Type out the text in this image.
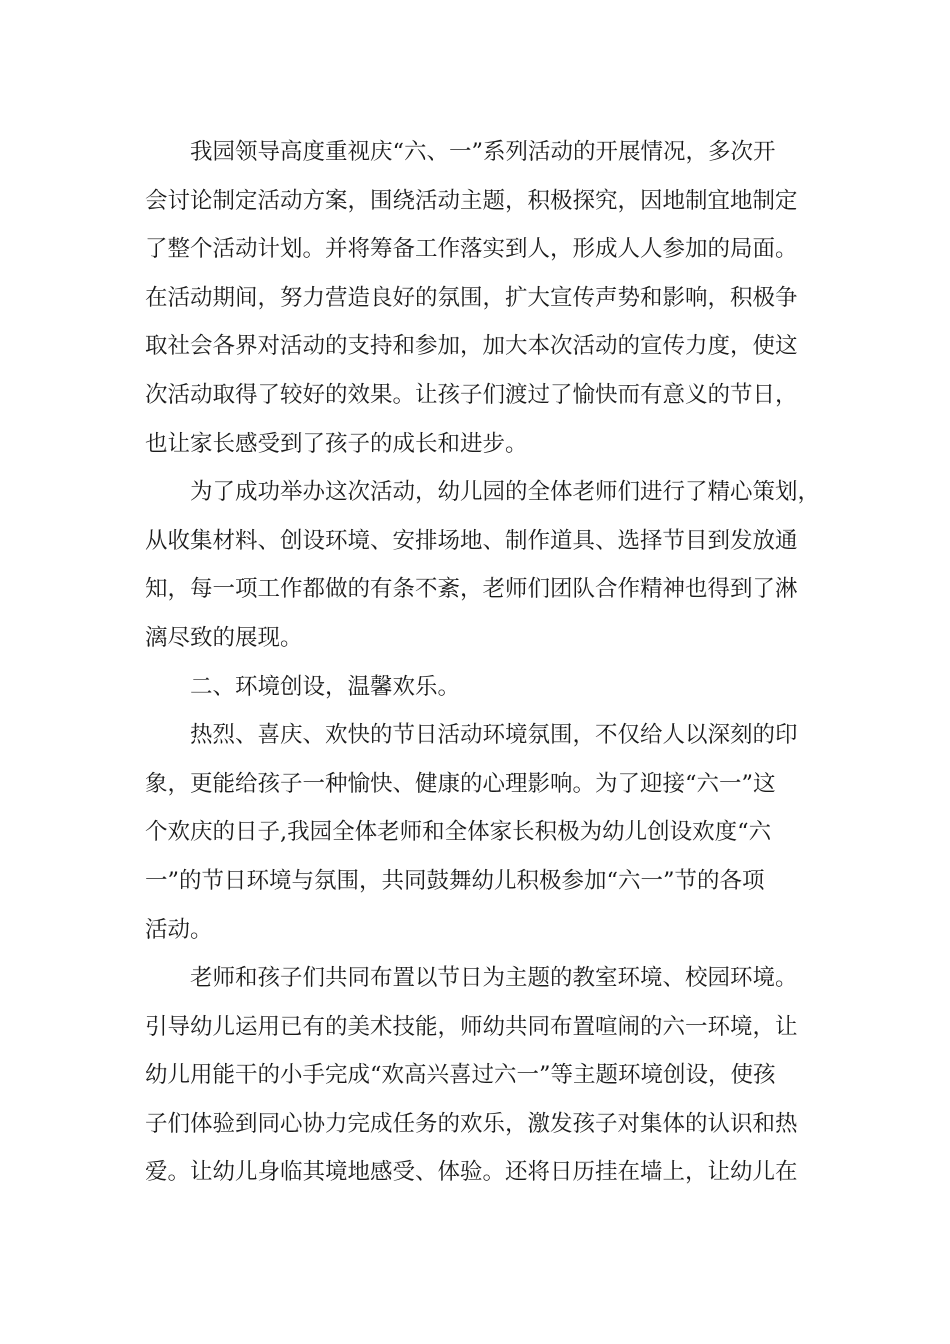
我园领导高度重视庆“六、一”系列活动的开展情况，多次开
会讨论制定活动方案，围绕活动主题，积极探究，因地制宜地制定
了整个活动计划。并将筹备工作落实到人，形成人人参加的局面。
在活动期间，努力营造良好的氛围，扩大宣传声势和影响，积极争
取社会各界对活动的支持和参加，加大本次活动的宣传力度，使这
次活动取得了较好的效果。让孩子们渡过了愉快而有意义的节日，
也让家长感受到了孩子的成长和进步。
为了成功举办这次活动，幼儿园的全体老师们进行了精心策划，
从收集材料、创设环境、安排场地、制作道具、选择节目到发放通
知，每一项工作都做的有条不紊，老师们团队合作精神也得到了淋
漓尽致的展现。
二、环境创设，温馨欢乐。
热烈、喜庆、欢快的节日活动环境氛围，不仅给人以深刻的印
象，更能给孩子一种愉快、健康的心理影响。为了迎接“六一”这
个欢庆的日子,我园全体老师和全体家长积极为幼儿创设欢度“六
一”的节日环境与氛围，共同鼓舞幼儿积极参加“六一”节的各项
活动。
老师和孩子们共同布置以节日为主题的教室环境、校园环境。
引导幼儿运用已有的美术技能，师幼共同布置喧闹的六一环境，让
幼儿用能干的小手完成“欢高兴喜过六一”等主题环境创设，使孩
子们体验到同心协力完成任务的欢乐，激发孩子对集体的认识和热
爱。让幼儿身临其境地感受、体验。还将日历挂在墙上，让幼儿在
